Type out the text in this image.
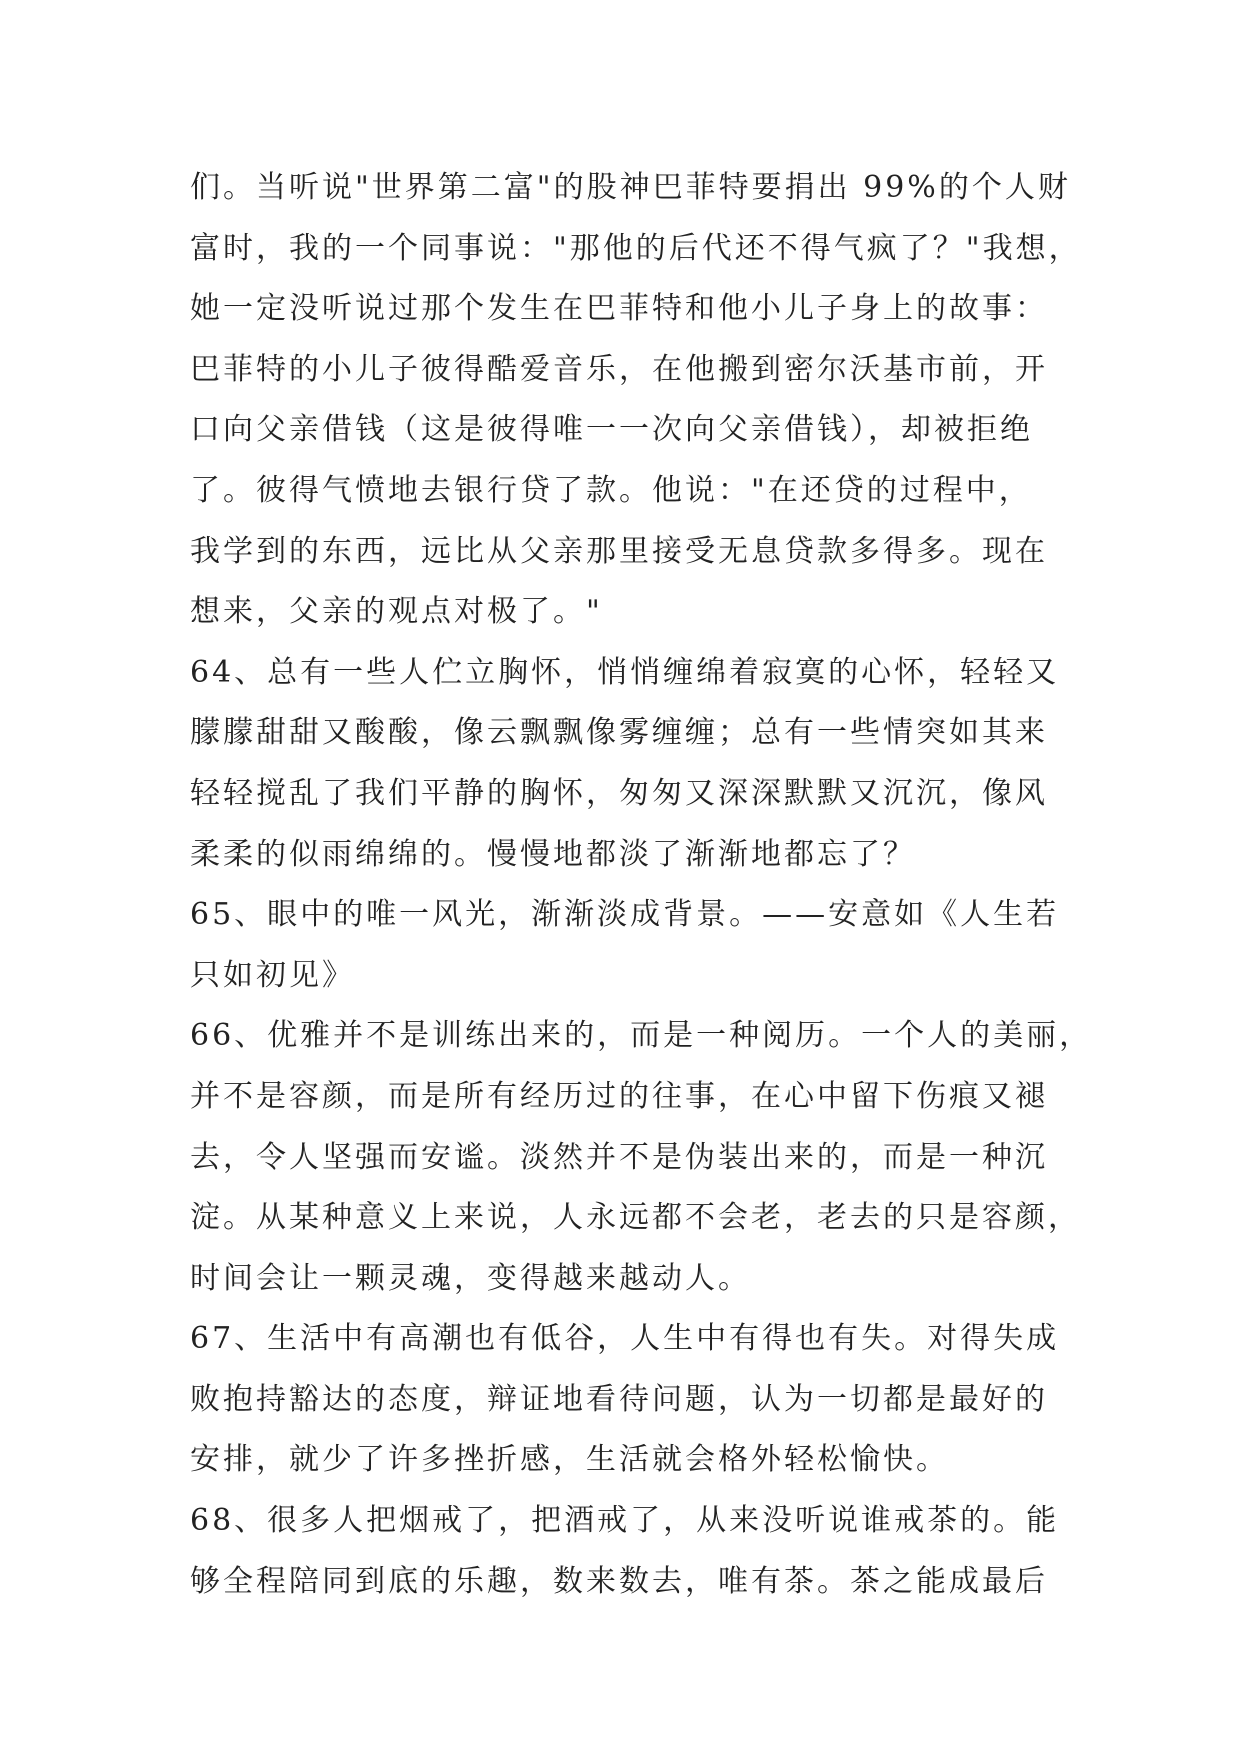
们。当听说"世界第二富"的股神巴菲特要捐出 99%的个人财
富时，我的一个同事说："那他的后代还不得气疯了？"我想，
她一定没听说过那个发生在巴菲特和他小儿子身上的故事：
巴菲特的小儿子彼得酷爱音乐，在他搬到密尔沃基市前，开
口向父亲借钱（这是彼得唯一一次向父亲借钱），却被拒绝
了。彼得气愤地去银行贷了款。他说："在还贷的过程中，
我学到的东西，远比从父亲那里接受无息贷款多得多。现在
想来，父亲的观点对极了。"
64、总有一些人伫立胸怀，悄悄缠绵着寂寞的心怀，轻轻又
朦朦甜甜又酸酸，像云飘飘像雾缠缠；总有一些情突如其来
轻轻搅乱了我们平静的胸怀，匆匆又深深默默又沉沉，像风
柔柔的似雨绵绵的。慢慢地都淡了渐渐地都忘了？
65、眼中的唯一风光，渐渐淡成背景。——安意如《人生若
只如初见》
66、优雅并不是训练出来的，而是一种阅历。一个人的美丽，
并不是容颜，而是所有经历过的往事，在心中留下伤痕又褪
去，令人坚强而安谧。淡然并不是伪装出来的，而是一种沉
淀。从某种意义上来说，人永远都不会老，老去的只是容颜，
时间会让一颗灵魂，变得越来越动人。
67、生活中有高潮也有低谷，人生中有得也有失。对得失成
败抱持豁达的态度，辩证地看待问题，认为一切都是最好的
安排，就少了许多挫折感，生活就会格外轻松愉快。
68、很多人把烟戒了，把酒戒了，从来没听说谁戒茶的。能
够全程陪同到底的乐趣，数来数去，唯有茶。茶之能成最后
